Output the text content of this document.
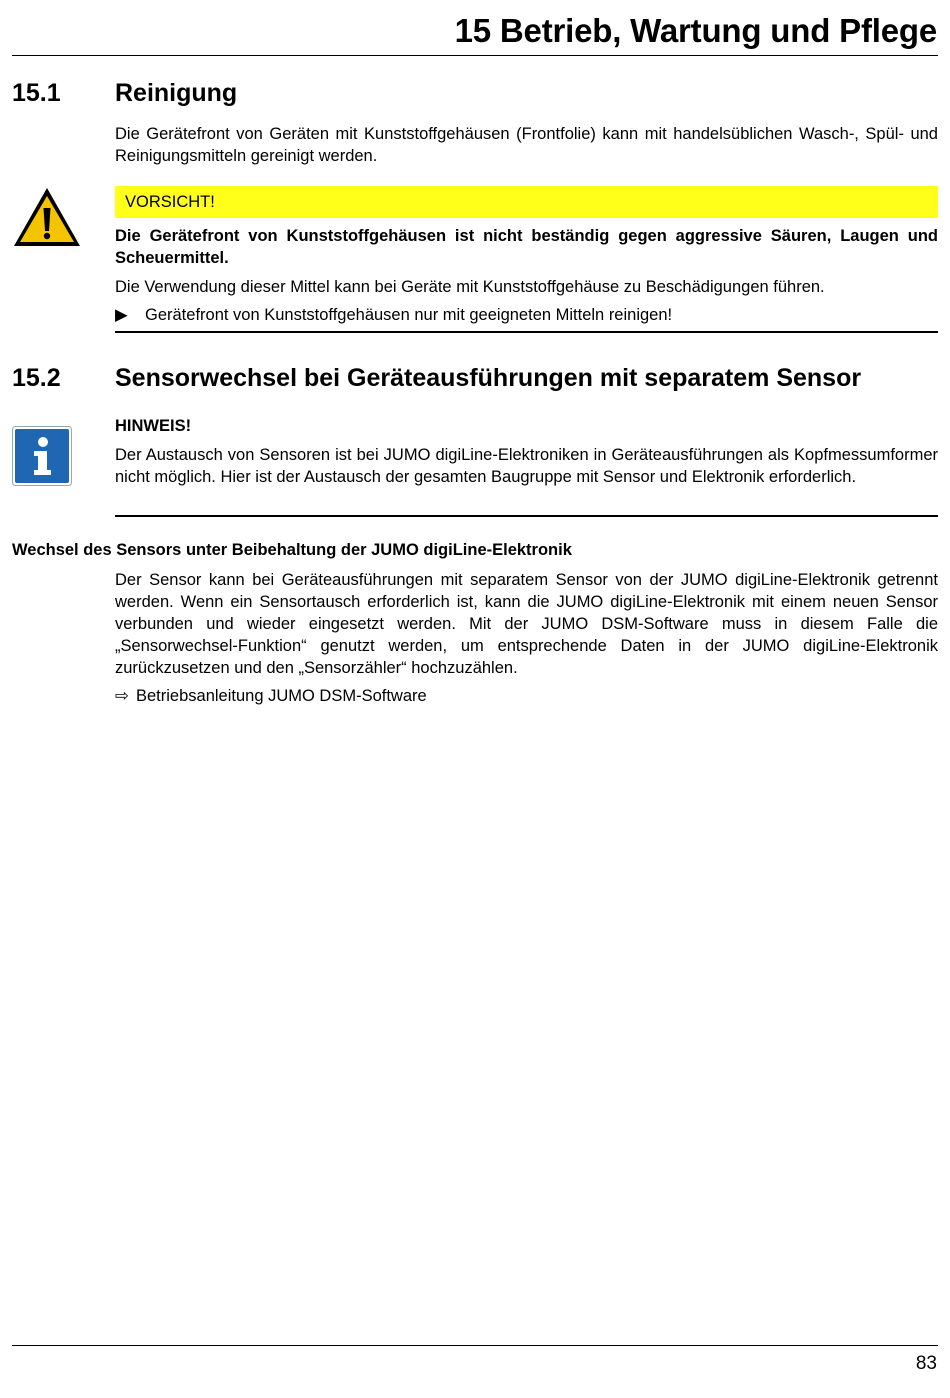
15 Betrieb, Wartung und Pflege
15.1 Reinigung
Die Gerätefront von Geräten mit Kunststoffgehäusen (Frontfolie) kann mit handelsüblichen Wasch-, Spül- und Reinigungsmitteln gereinigt werden.
VORSICHT!
Die Gerätefront von Kunststoffgehäusen ist nicht beständig gegen aggressive Säuren, Laugen und Scheuermittel.
Die Verwendung dieser Mittel kann bei Geräte mit Kunststoffgehäuse zu Beschädigungen führen.
▶ Gerätefront von Kunststoffgehäusen nur mit geeigneten Mitteln reinigen!
15.2 Sensorwechsel bei Geräteausführungen mit separatem Sensor
HINWEIS!
Der Austausch von Sensoren ist bei JUMO digiLine-Elektroniken in Geräteausführungen als Kopfmessumformer nicht möglich. Hier ist der Austausch der gesamten Baugruppe mit Sensor und Elektronik erforderlich.
Wechsel des Sensors unter Beibehaltung der JUMO digiLine-Elektronik
Der Sensor kann bei Geräteausführungen mit separatem Sensor von der JUMO digiLine-Elektronik getrennt werden. Wenn ein Sensortausch erforderlich ist, kann die JUMO digiLine-Elektronik mit einem neuen Sensor verbunden und wieder eingesetzt werden. Mit der JUMO DSM-Software muss in diesem Falle die „Sensorwechsel-Funktion“ genutzt werden, um entsprechende Daten in der JUMO digiLine-Elektronik zurückzusetzen und den „Sensorzähler“ hochzuzählen.
⇨ Betriebsanleitung JUMO DSM-Software
83
